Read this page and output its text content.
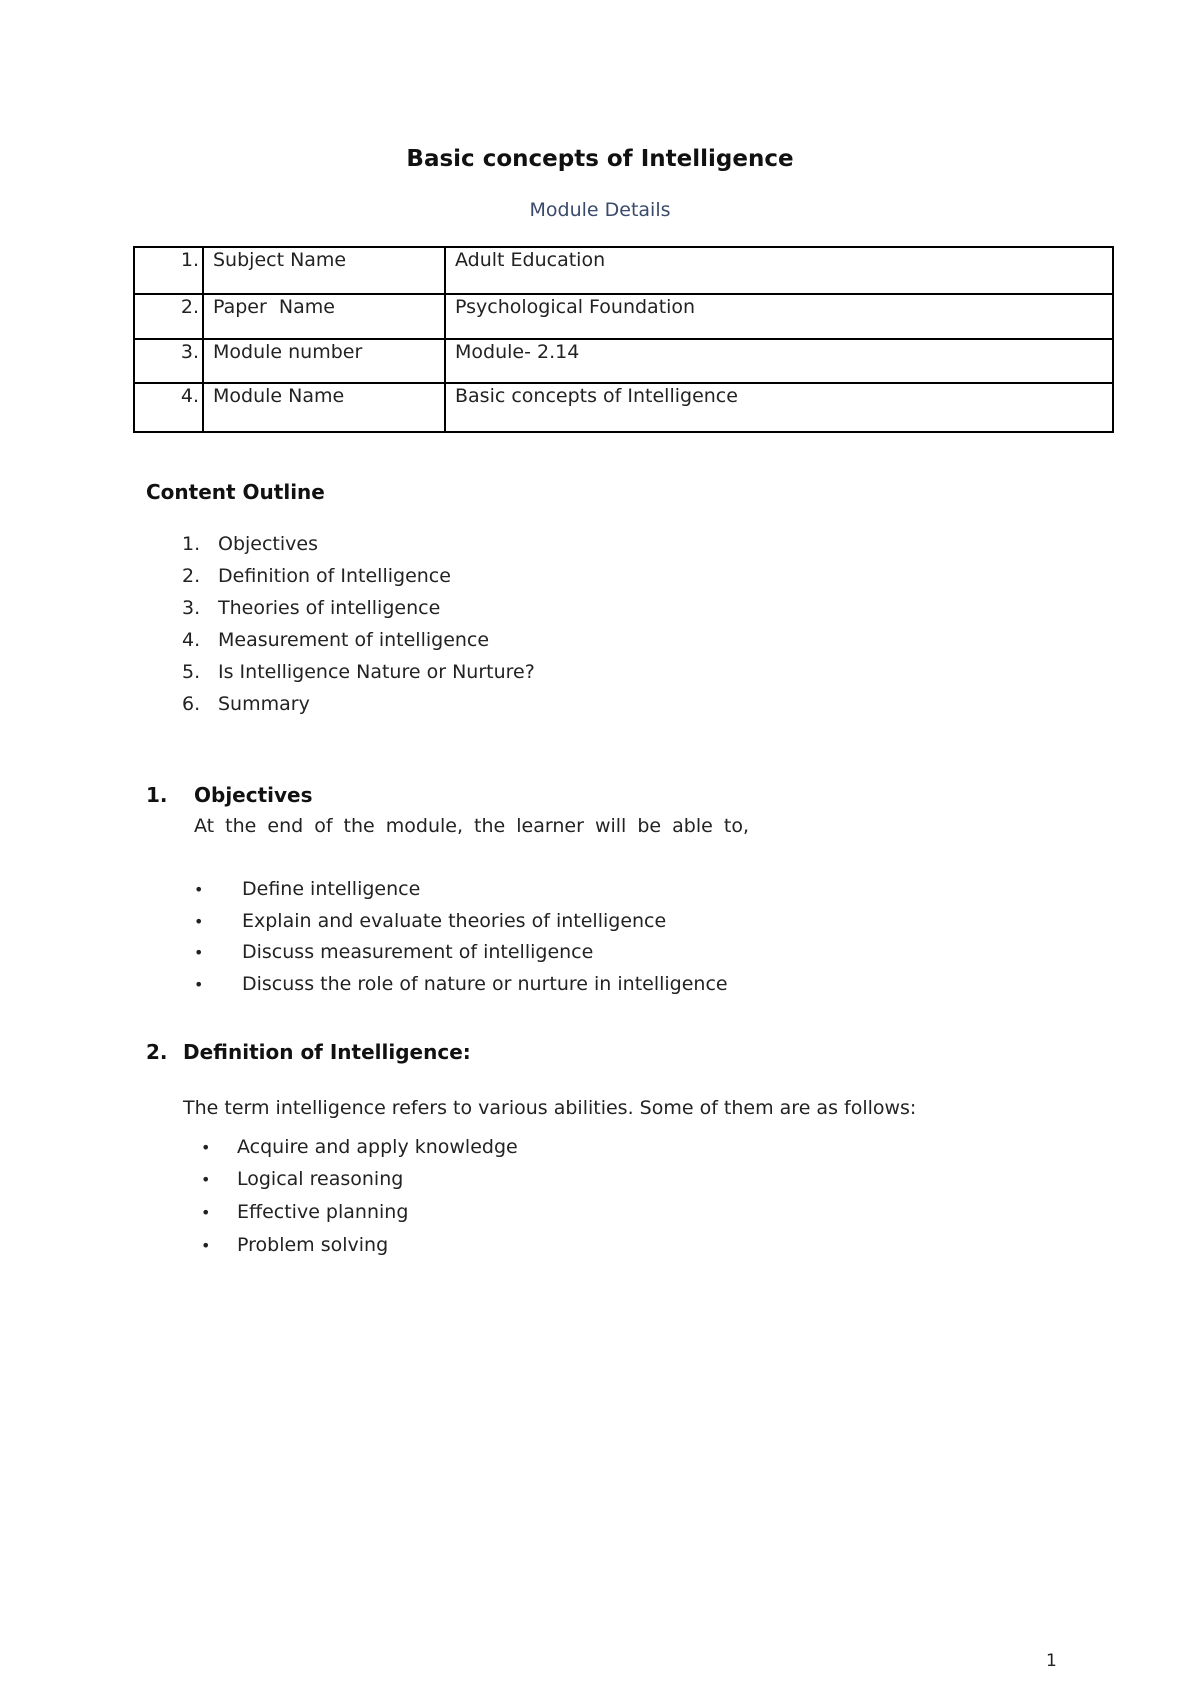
Basic concepts of Intelligence
Module Details
1.	Subject Name	Adult Education
2.	Paper  Name	Psychological Foundation
3.	Module number	Module- 2.14
4.	Module Name	Basic concepts of Intelligence
Content Outline
1. Objectives
2. Definition of Intelligence
3. Theories of intelligence
4. Measurement of intelligence
5. Is Intelligence Nature or Nurture?
6. Summary
1. Objectives
At the end of the module, the learner will be able to,
• Define intelligence
• Explain and evaluate theories of intelligence
• Discuss measurement of intelligence
• Discuss the role of nature or nurture in intelligence
2. Definition of Intelligence:
The term intelligence refers to various abilities. Some of them are as follows:
• Acquire and apply knowledge
• Logical reasoning
• Effective planning
• Problem solving
1
